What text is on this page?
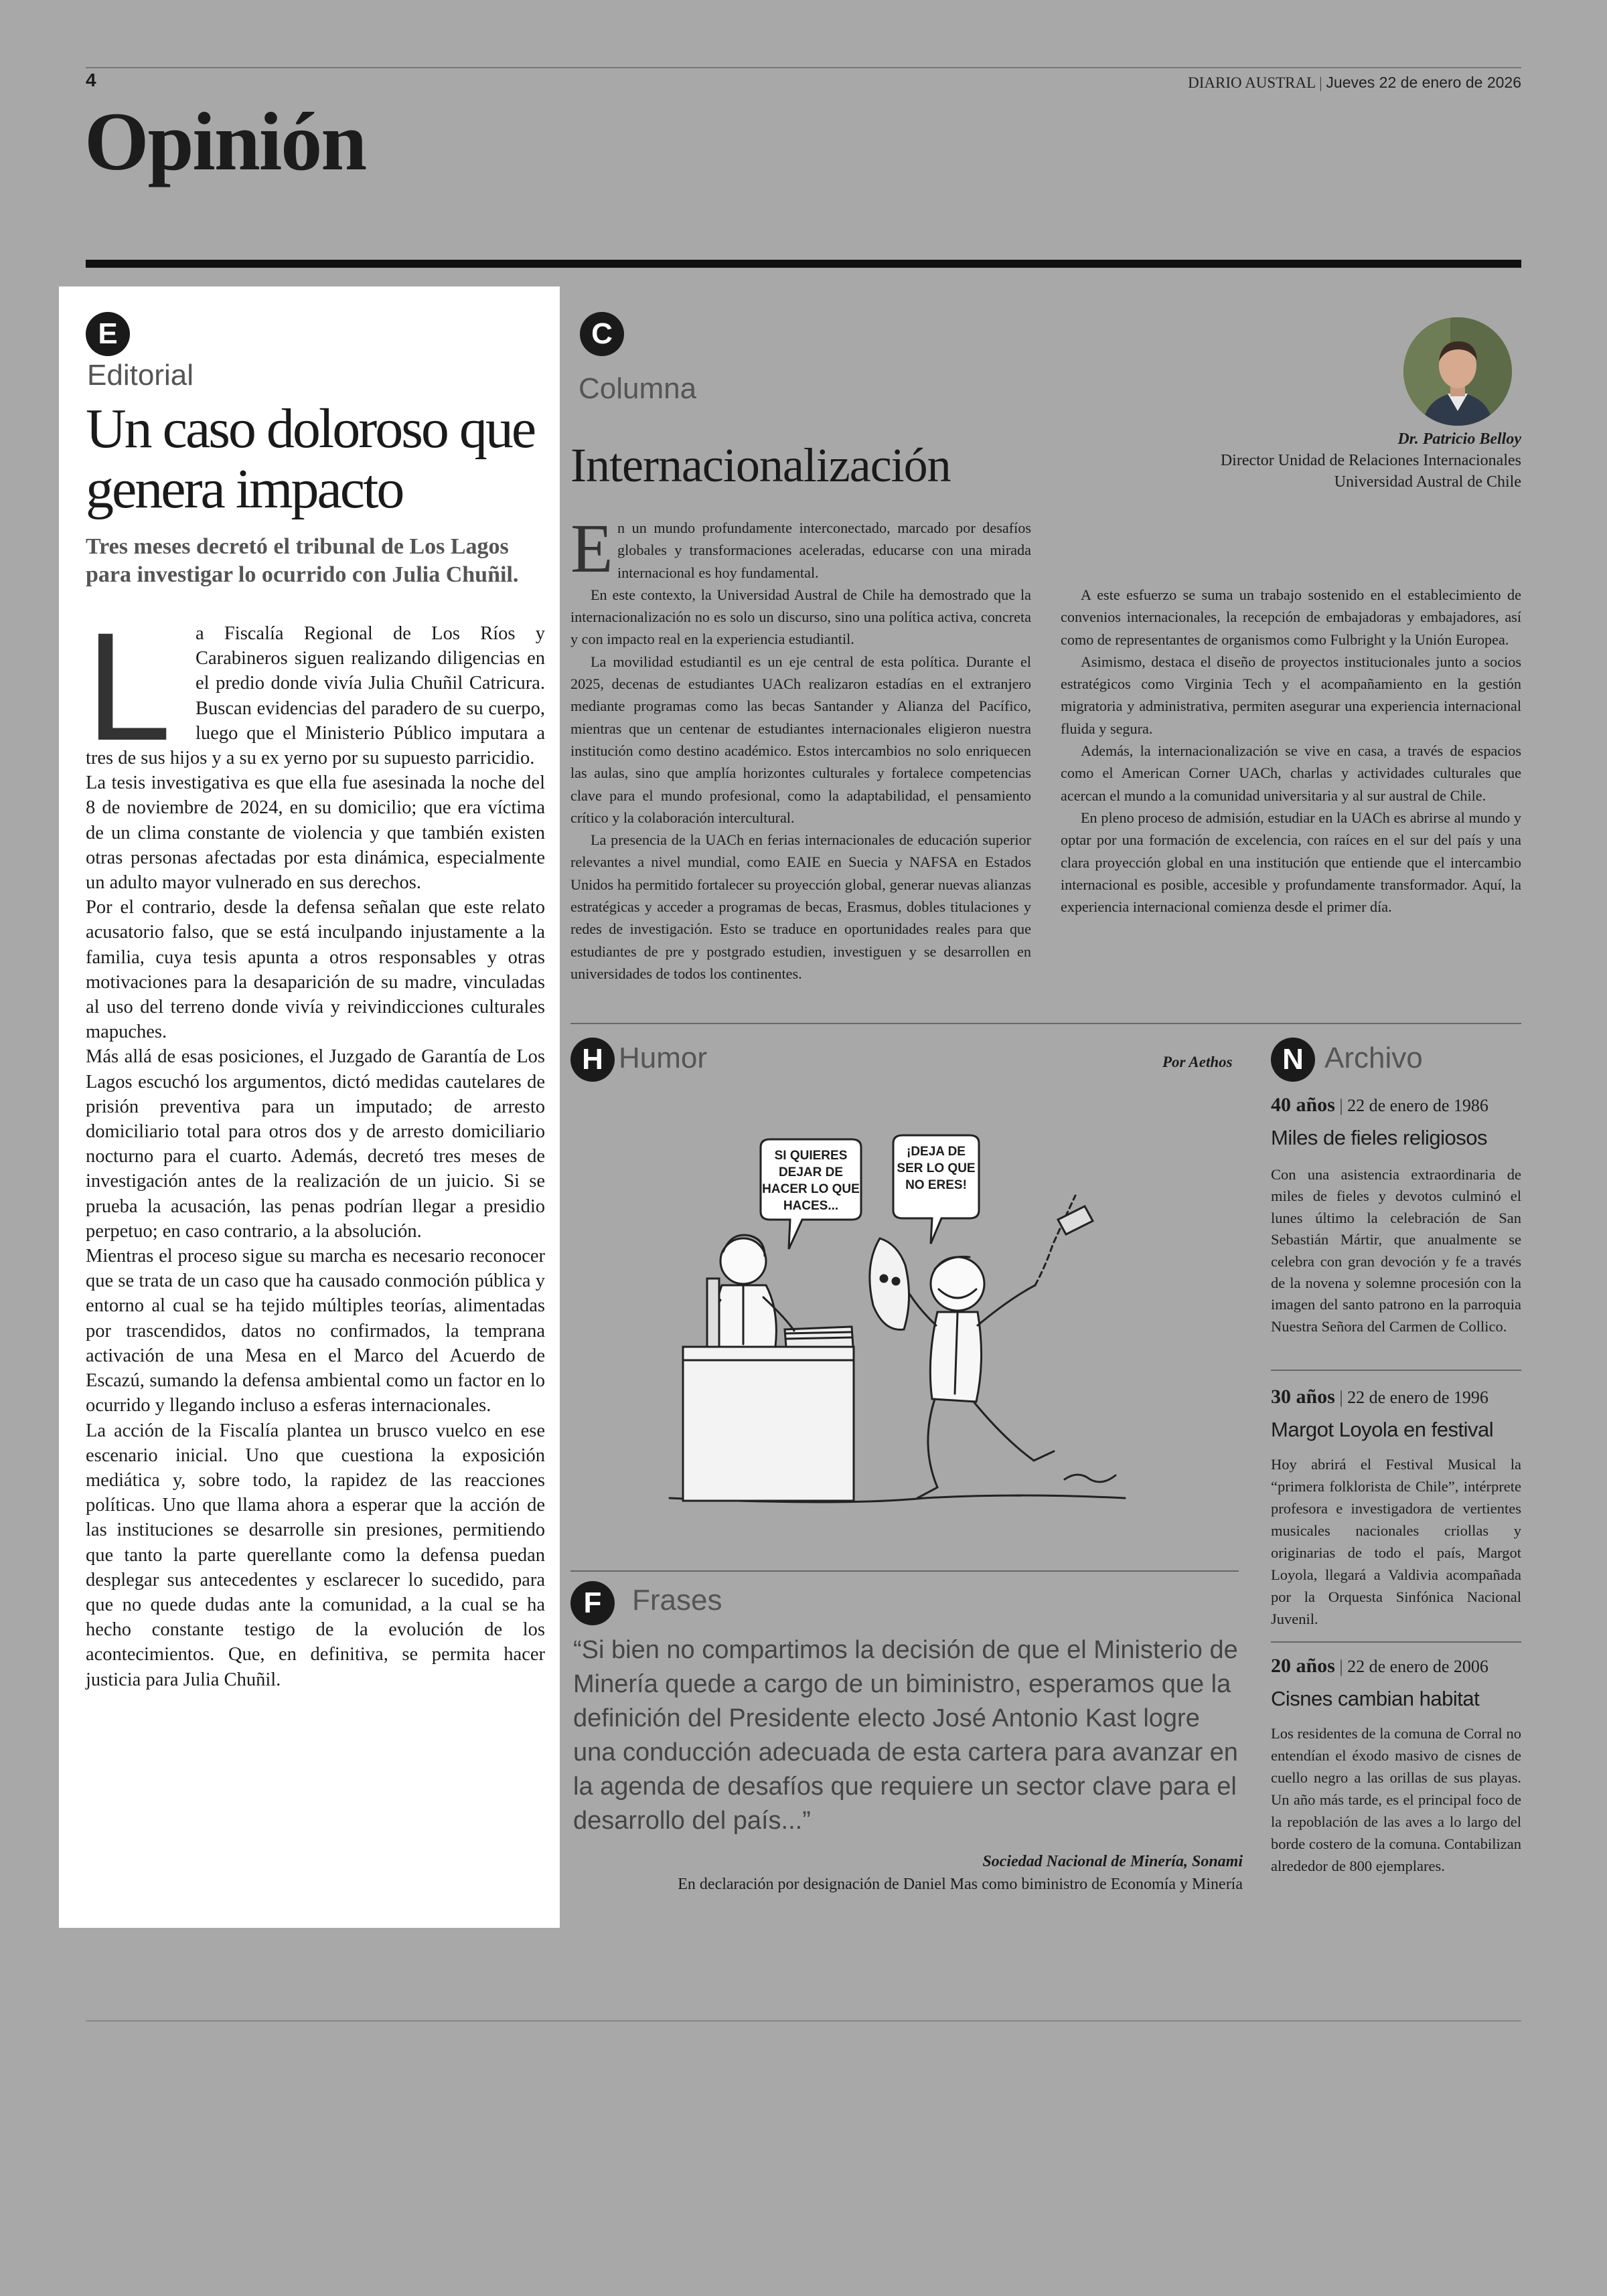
4	DIARIO AUSTRAL | Jueves 22 de enero de 2026
Opinión
E
Editorial
Un caso doloroso que genera impacto
Tres meses decretó el tribunal de Los Lagos para investigar lo ocurrido con Julia Chuñil.
L	a Fiscalía Regional de Los Ríos y Carabineros siguen realizando diligencias en el predio donde vivía Julia Chuñil Catricura. Buscan evidencias del paradero de su cuerpo, luego que el Ministerio Público imputara a tres de sus hijos y a su ex yerno por su supuesto parricidio.

La tesis investigativa es que ella fue asesinada la noche del 8 de noviembre de 2024, en su domicilio; que era víctima de un clima constante de violencia y que también existen otras personas afectadas por esta dinámica, especialmente un adulto mayor vulnerado en sus derechos.

Por el contrario, desde la defensa señalan que este relato acusatorio falso, que se está inculpando injustamente a la familia, cuya tesis apunta a otros responsables y otras motivaciones para la desaparición de su madre, vinculadas al uso del terreno donde vivía y reivindicciones culturales mapuches.

Más allá de esas posiciones, el Juzgado de Garantía de Los Lagos escuchó los argumentos, dictó medidas cautelares de prisión preventiva para un imputado; de arresto domiciliario total para otros dos y de arresto domiciliario nocturno para el cuarto. Además, decretó tres meses de investigación antes de la realización de un juicio. Si se prueba la acusación, las penas podrían llegar a presidio perpetuo; en caso contrario, a la absolución.

Mientras el proceso sigue su marcha es necesario reconocer que se trata de un caso que ha causado conmoción pública y entorno al cual se ha tejido múltiples teorías, alimentadas por trascendidos, datos no confirmados, la temprana activación de una Mesa en el Marco del Acuerdo de Escazú, sumando la defensa ambiental como un factor en lo ocurrido y llegando incluso a esferas internacionales.

La acción de la Fiscalía plantea un brusco vuelco en ese escenario inicial. Uno que cuestiona la exposición mediática y, sobre todo, la rapidez de las reacciones políticas. Uno que llama ahora a esperar que la acción de las instituciones se desarrolle sin presiones, permitiendo que tanto la parte querellante como la defensa puedan desplegar sus antecedentes y esclarecer lo sucedido, para que no quede dudas ante la comunidad, a la cual se ha hecho constante testigo de la evolución de los acontecimientos. Que, en definitiva, se permita hacer justicia para Julia Chuñil.

C
Columna
Internacionalización	Dr. Patricio Belloy
Director Unidad de Relaciones Internacionales
Universidad Austral de Chile
E n un mundo profundamente interconectado, marcado por desafíos globales y transformaciones aceleradas, educarse con una mirada internacional es hoy fundamental.

En este contexto, la Universidad Austral de Chile ha demostrado que la internacionalización no es solo un discurso, sino una política activa, concreta y con impacto real en la experiencia estudiantil.

La movilidad estudiantil es un eje central de esta política. Durante el 2025, decenas de estudiantes UACh realizaron estadías en el extranjero mediante programas como las becas Santander y Alianza del Pacífico, mientras que un centenar de estudiantes internacionales eligieron nuestra institución como destino académico. Estos intercambios no solo enriquecen las aulas, sino que amplía horizontes culturales y fortalece competencias clave para el mundo profesional, como la adaptabilidad, el pensamiento crítico y la colaboración intercultural.

La presencia de la UACh en ferias internacionales de educación superior relevantes a nivel mundial, como EAIE en Suecia y NAFSA en Estados Unidos ha permitido fortalecer su proyección global, generar nuevas alianzas estratégicas y acceder a programas de becas, Erasmus, dobles titulaciones y redes de investigación. Esto se traduce en oportunidades reales para que estudiantes de pre y postgrado estudien, investiguen y se desarrollen en universidades de todos los continentes.

A este esfuerzo se suma un trabajo sostenido en el establecimiento de convenios internacionales, la recepción de embajadoras y embajadores, así como de representantes de organismos como Fulbright y la Unión Europea.

Asimismo, destaca el diseño de proyectos institucionales junto a socios estratégicos como Virginia Tech y el acompañamiento en la gestión migratoria y administrativa, permiten asegurar una experiencia internacional fluida y segura.

Además, la internacionalización se vive en casa, a través de espacios como el American Corner UACh, charlas y actividades culturales que acercan el mundo a la comunidad universitaria y al sur austral de Chile.

En pleno proceso de admisión, estudiar en la UACh es abrirse al mundo y optar por una formación de excelencia, con raíces en el sur del país y una clara proyección global en una institución que entiende que el intercambio internacional es posible, accesible y profundamente transformador. Aquí, la experiencia internacional comienza desde el primer día.

H Humor	Por Aethos
SI QUIERES DEJAR DE HACER LO QUE HACES...
¡DEJA DE SER LO QUE NO ERES!
F	Frases
“Si bien no compartimos la decisión de que el Ministerio de Minería quede a cargo de un biministro, esperamos que la definición del Presidente electo José Antonio Kast logre una conducción adecuada de esta cartera para avanzar en la agenda de desafíos que requiere un sector clave para el desarrollo del país...”
Sociedad Nacional de Minería, Sonami
En declaración por designación de Daniel Mas como biministro de Economía y Minería
N Archivo
40 años | 22 de enero de 1986
Miles de fieles religiosos
Con una asistencia extraordinaria de miles de fieles y devotos culminó el lunes último la celebración de San Sebastián Mártir, que anualmente se celebra con gran devoción y fe a través de la novena y solemne procesión con la imagen del santo patrono en la parroquia Nuestra Señora del Carmen de Collico.
30 años | 22 de enero de 1996
Margot Loyola en festival
Hoy abrirá el Festival Musical la “primera folklorista de Chile”, intérprete profesora e investigadora de vertientes musicales nacionales criollas y originarias de todo el país, Margot Loyola, llegará a Valdivia acompañada por la Orquesta Sinfónica Nacional Juvenil.
20 años | 22 de enero de 2006
Cisnes cambian habitat
Los residentes de la comuna de Corral no entendían el éxodo masivo de cisnes de cuello negro a las orillas de sus playas. Un año más tarde, es el principal foco de la repoblación de las aves a lo largo del borde costero de la comuna. Contabilizan alrededor de 800 ejemplares.
